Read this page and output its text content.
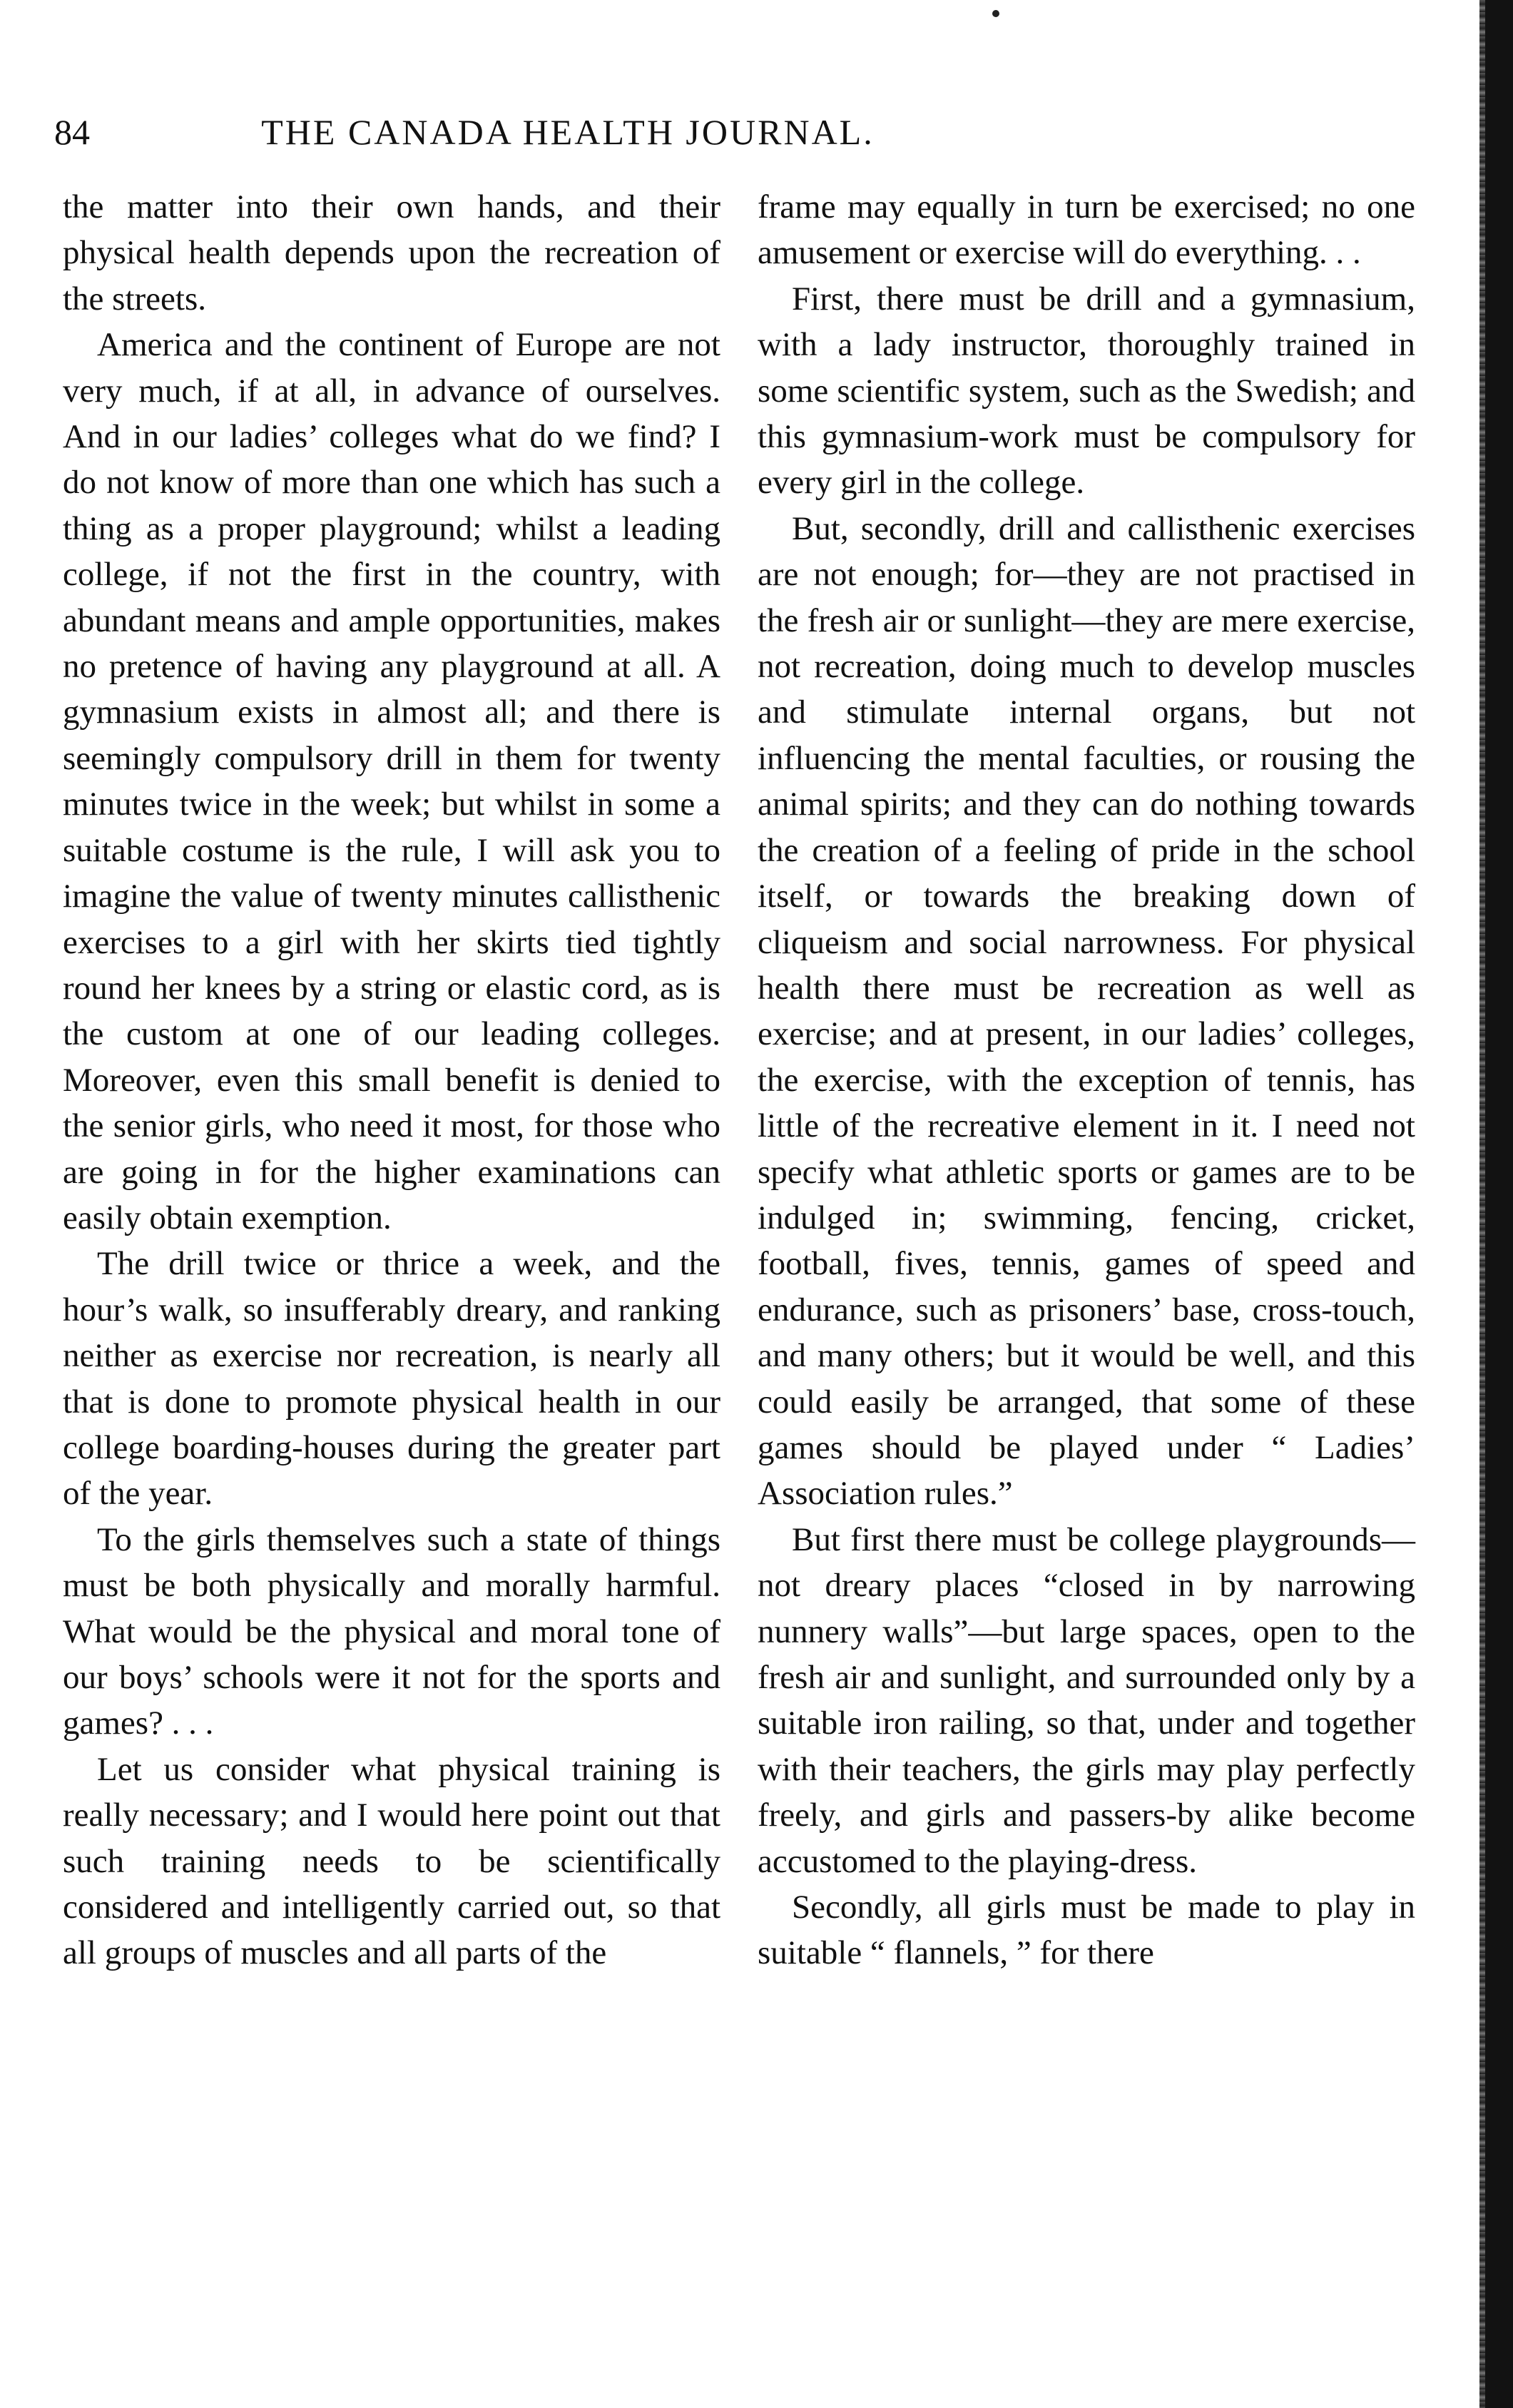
84	THE CANADA HEALTH JOURNAL.

the matter into their own hands, and their physical health depends upon the recreation of the streets.

America and the continent of Europe are not very much, if at all, in advance of ourselves. And in our ladies’ colleges what do we find? I do not know of more than one which has such a thing as a proper playground; whilst a leading college, if not the first in the country, with abundant means and ample opportunities, makes no pretence of having any playground at all. A gymnasium exists in almost all; and there is seemingly compulsory drill in them for twenty minutes twice in the week; but whilst in some a suitable costume is the rule, I will ask you to imagine the value of twenty minutes callisthenic exercises to a girl with her skirts tied tightly round her knees by a string or elastic cord, as is the custom at one of our leading colleges. Moreover, even this small benefit is denied to the senior girls, who need it most, for those who are going in for the higher examinations can easily obtain exemption.

The drill twice or thrice a week, and the hour’s walk, so insufferably dreary, and ranking neither as exercise nor recreation, is nearly all that is done to promote physical health in our college boarding-houses during the greater part of the year.

To the girls themselves such a state of things must be both physically and morally harmful. What would be the physical and moral tone of our boys’ schools were it not for the sports and games? . . .

Let us consider what physical training is really necessary; and I would here point out that such training needs to be scientifically considered and intelligently carried out, so that all groups of muscles and all parts of the

frame may equally in turn be exercised; no one amusement or exercise will do everything. . .

First, there must be drill and a gymnasium, with a lady instructor, thoroughly trained in some scientific system, such as the Swedish; and this gymnasium-work must be compulsory for every girl in the college.

But, secondly, drill and callisthenic exercises are not enough; for—they are not practised in the fresh air or sunlight—they are mere exercise, not recreation, doing much to develop muscles and stimulate internal organs, but not influencing the mental faculties, or rousing the animal spirits; and they can do nothing towards the creation of a feeling of pride in the school itself, or towards the breaking down of cliqueism and social narrowness. For physical health there must be recreation as well as exercise; and at present, in our ladies’ colleges, the exercise, with the exception of tennis, has little of the recreative element in it. I need not specify what athletic sports or games are to be indulged in; swimming, fencing, cricket, football, fives, tennis, games of speed and endurance, such as prisoners’ base, cross-touch, and many others; but it would be well, and this could easily be arranged, that some of these games should be played under “ Ladies’ Association rules.”

But first there must be college playgrounds—not dreary places “closed in by narrowing nunnery walls”—but large spaces, open to the fresh air and sunlight, and surrounded only by a suitable iron railing, so that, under and together with their teachers, the girls may play perfectly freely, and girls and passers-by alike become accustomed to the playing-dress.

Secondly, all girls must be made to play in suitable “ flannels, ” for there
